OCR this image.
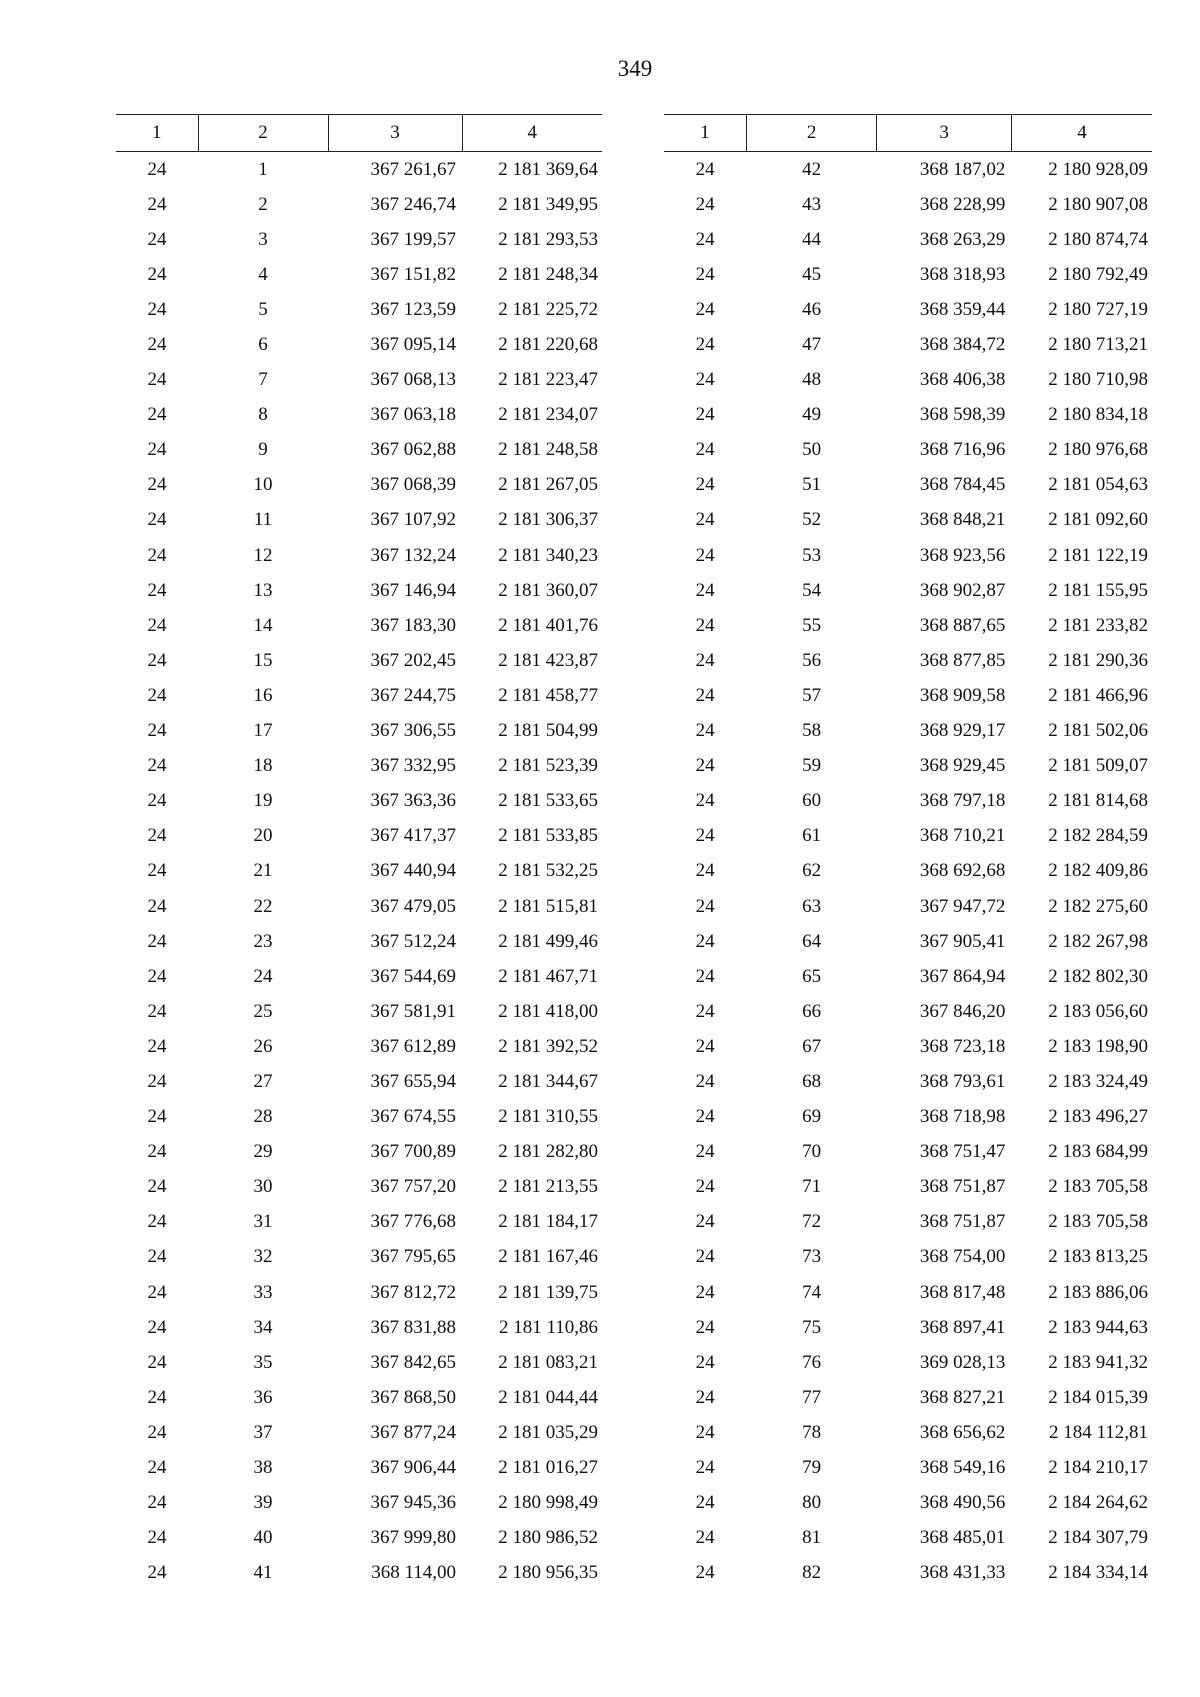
349
1	2	3	4
24	1	367 261,67	2 181 369,64
24	2	367 246,74	2 181 349,95
24	3	367 199,57	2 181 293,53
24	4	367 151,82	2 181 248,34
24	5	367 123,59	2 181 225,72
24	6	367 095,14	2 181 220,68
24	7	367 068,13	2 181 223,47
24	8	367 063,18	2 181 234,07
24	9	367 062,88	2 181 248,58
24	10	367 068,39	2 181 267,05
24	11	367 107,92	2 181 306,37
24	12	367 132,24	2 181 340,23
24	13	367 146,94	2 181 360,07
24	14	367 183,30	2 181 401,76
24	15	367 202,45	2 181 423,87
24	16	367 244,75	2 181 458,77
24	17	367 306,55	2 181 504,99
24	18	367 332,95	2 181 523,39
24	19	367 363,36	2 181 533,65
24	20	367 417,37	2 181 533,85
24	21	367 440,94	2 181 532,25
24	22	367 479,05	2 181 515,81
24	23	367 512,24	2 181 499,46
24	24	367 544,69	2 181 467,71
24	25	367 581,91	2 181 418,00
24	26	367 612,89	2 181 392,52
24	27	367 655,94	2 181 344,67
24	28	367 674,55	2 181 310,55
24	29	367 700,89	2 181 282,80
24	30	367 757,20	2 181 213,55
24	31	367 776,68	2 181 184,17
24	32	367 795,65	2 181 167,46
24	33	367 812,72	2 181 139,75
24	34	367 831,88	2 181 110,86
24	35	367 842,65	2 181 083,21
24	36	367 868,50	2 181 044,44
24	37	367 877,24	2 181 035,29
24	38	367 906,44	2 181 016,27
24	39	367 945,36	2 180 998,49
24	40	367 999,80	2 180 986,52
24	41	368 114,00	2 180 956,35
1	2	3	4
24	42	368 187,02	2 180 928,09
24	43	368 228,99	2 180 907,08
24	44	368 263,29	2 180 874,74
24	45	368 318,93	2 180 792,49
24	46	368 359,44	2 180 727,19
24	47	368 384,72	2 180 713,21
24	48	368 406,38	2 180 710,98
24	49	368 598,39	2 180 834,18
24	50	368 716,96	2 180 976,68
24	51	368 784,45	2 181 054,63
24	52	368 848,21	2 181 092,60
24	53	368 923,56	2 181 122,19
24	54	368 902,87	2 181 155,95
24	55	368 887,65	2 181 233,82
24	56	368 877,85	2 181 290,36
24	57	368 909,58	2 181 466,96
24	58	368 929,17	2 181 502,06
24	59	368 929,45	2 181 509,07
24	60	368 797,18	2 181 814,68
24	61	368 710,21	2 182 284,59
24	62	368 692,68	2 182 409,86
24	63	367 947,72	2 182 275,60
24	64	367 905,41	2 182 267,98
24	65	367 864,94	2 182 802,30
24	66	367 846,20	2 183 056,60
24	67	368 723,18	2 183 198,90
24	68	368 793,61	2 183 324,49
24	69	368 718,98	2 183 496,27
24	70	368 751,47	2 183 684,99
24	71	368 751,87	2 183 705,58
24	72	368 751,87	2 183 705,58
24	73	368 754,00	2 183 813,25
24	74	368 817,48	2 183 886,06
24	75	368 897,41	2 183 944,63
24	76	369 028,13	2 183 941,32
24	77	368 827,21	2 184 015,39
24	78	368 656,62	2 184 112,81
24	79	368 549,16	2 184 210,17
24	80	368 490,56	2 184 264,62
24	81	368 485,01	2 184 307,79
24	82	368 431,33	2 184 334,14
